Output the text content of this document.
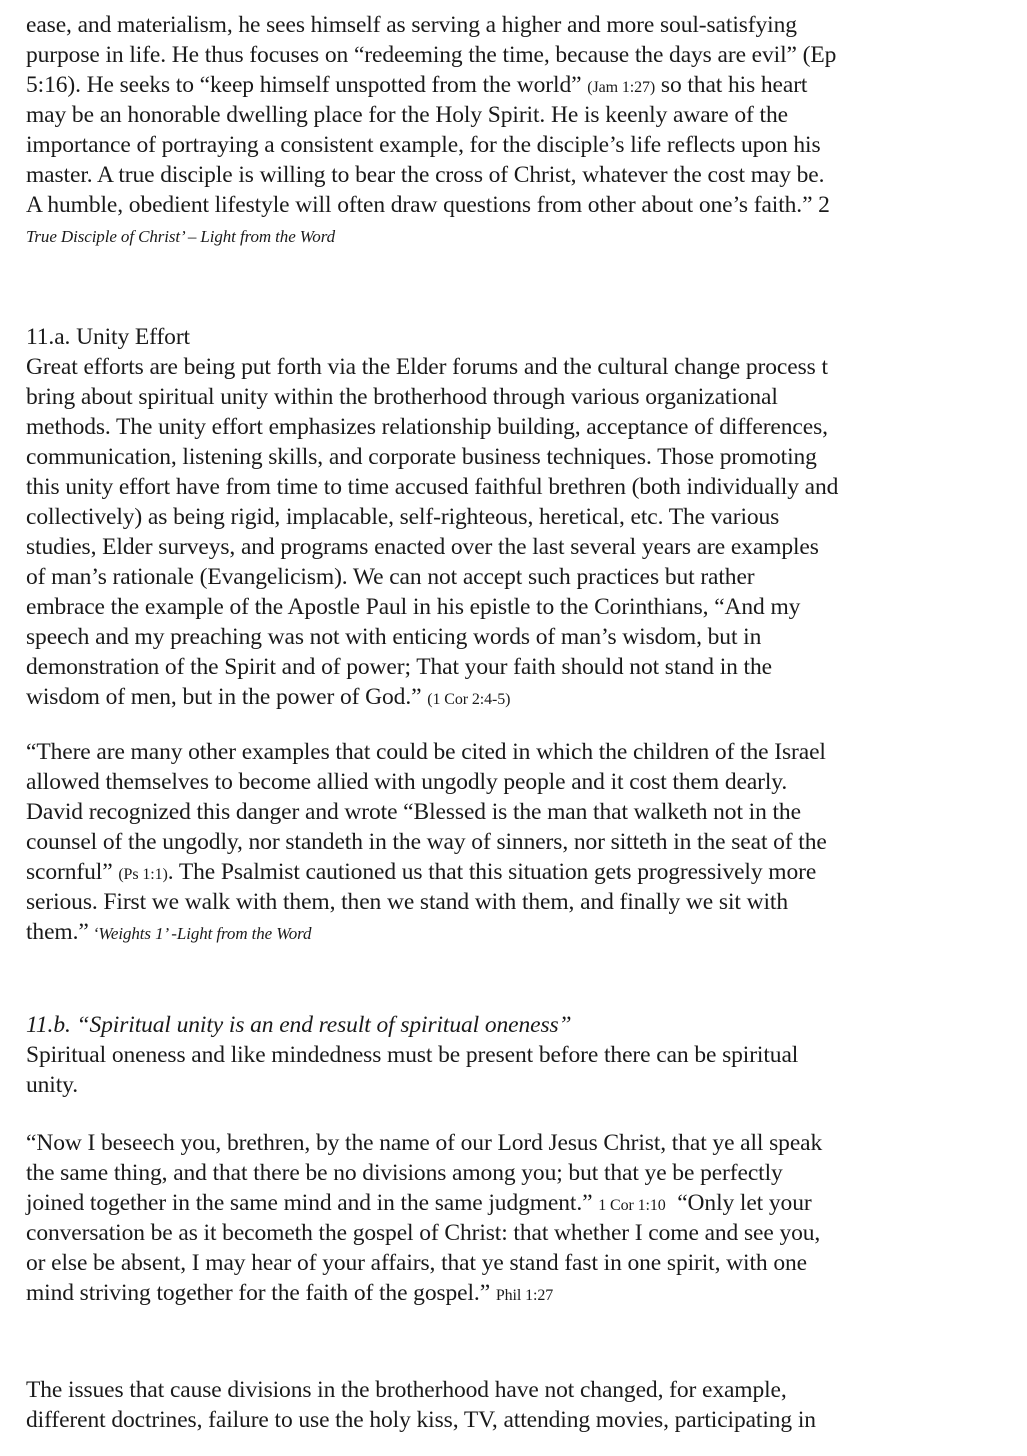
ease, and materialism, he sees himself as serving a higher and more soul-satisfying
purpose in life. He thus focuses on “redeeming the time, because the days are evil” (Ep
5:16). He seeks to “keep himself unspotted from the world” (Jam 1:27) so that his heart
may be an honorable dwelling place for the Holy Spirit. He is keenly aware of the
importance of portraying a consistent example, for the disciple’s life reflects upon his
master. A true disciple is willing to bear the cross of Christ, whatever the cost may be.
A humble, obedient lifestyle will often draw questions from other about one’s faith.” 2
True Disciple of Christ’ – Light from the Word
11.a. Unity Effort
Great efforts are being put forth via the Elder forums and the cultural change process t
bring about spiritual unity within the brotherhood through various organizational
methods. The unity effort emphasizes relationship building, acceptance of differences,
communication, listening skills, and corporate business techniques. Those promoting
this unity effort have from time to time accused faithful brethren (both individually and
collectively) as being rigid, implacable, self-righteous, heretical, etc. The various
studies, Elder surveys, and programs enacted over the last several years are examples
of man’s rationale (Evangelicism). We can not accept such practices but rather
embrace the example of the Apostle Paul in his epistle to the Corinthians, “And my
speech and my preaching was not with enticing words of man’s wisdom, but in
demonstration of the Spirit and of power; That your faith should not stand in the
wisdom of men, but in the power of God.” (1 Cor 2:4-5)
“There are many other examples that could be cited in which the children of the Israel
allowed themselves to become allied with ungodly people and it cost them dearly.
David recognized this danger and wrote “Blessed is the man that walketh not in the
counsel of the ungodly, nor standeth in the way of sinners, nor sitteth in the seat of the
scornful” (Ps 1:1). The Psalmist cautioned us that this situation gets progressively more
serious. First we walk with them, then we stand with them, and finally we sit with
them.” ‘Weights 1’ -Light from the Word
11.b. “Spiritual unity is an end result of spiritual oneness”
Spiritual oneness and like mindedness must be present before there can be spiritual
unity.
“Now I beseech you, brethren, by the name of our Lord Jesus Christ, that ye all speak
the same thing, and that there be no divisions among you; but that ye be perfectly
joined together in the same mind and in the same judgment.” 1 Cor 1:10  “Only let your
conversation be as it becometh the gospel of Christ: that whether I come and see you,
or else be absent, I may hear of your affairs, that ye stand fast in one spirit, with one
mind striving together for the faith of the gospel.” Phil 1:27
The issues that cause divisions in the brotherhood have not changed, for example,
different doctrines, failure to use the holy kiss, TV, attending movies, participating in
